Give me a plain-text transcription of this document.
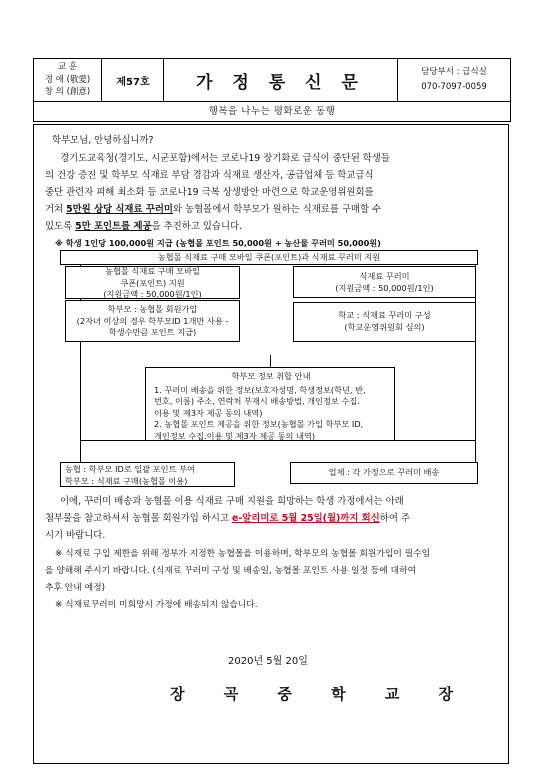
교 훈
경 애 (敬愛)
창 의 (創意)
제57호	가 정 통 신 문
담당부서 : 급식실
070-7097-0059
행복을 나누는 평화로운 동행
학부모님, 안녕하십니까?
경기도교육청(경기도, 시군포함)에서는 코로나19 장기화로 급식이 중단된 학생들
의 건강 증진 및 학부모 식재료 부담 경감과 식재료 생산자, 공급업체 등 학교급식
중단 관련자 피해 최소화 등 코로나19 극복 상생방안 마련으로 학교운영위원회를
거쳐 5만원 상당 식재료 꾸러미와 농협몰에서 학부모가 원하는 식재료를 구매할 수
있도록 5만 포인트를 제공을 추진하고 있습니다.
※ 학생 1인당 100,000원 지급 (농협몰 포인트 50,000원 + 농산물 꾸러미 50,000원)
농협몰 식재료 구매 모바일 쿠폰(포인트)과 식재료 꾸러미 지원
농협몰 식재료 구매 모바일
쿠폰(포인트) 지원
(지원금액 : 50,000원/1인)
학부모 : 농협몰 회원가입
(2자녀 이상의 경우 학부모ID 1개만 사용 -
학생수만큼 포인트 지급)
식재료 꾸러미
(지원금액 : 50,000원/1인)
학교 : 식재료 꾸러미 구성
(학교운영위원회 심의)
학부모 정보 취합 안내
1. 꾸러미 배송을 위한 정보(보호자성명, 학생정보(학년, 반,
번호, 이름) 주소, 연락처 부재시 배송방법, 개인정보 수집.
이용 및 제3자 제공 동의 내역)
2. 농협몰 포인트 제공을 위한 정보(농협몰 가입 학부모 ID,
개인정보 수집.이용 및 제3자 제공 동의 내역)
농협 : 학부모 ID로 일괄 포인트 부여
학부모 : 식재료 구매(농협몰 이용)
업체 : 각 가정으로 꾸러미 배송
이에, 꾸러미 배송과 농협몰 이용 식재료 구매 지원을 희망하는 학생 가정에서는 아래
첨부물을 참고하셔서 농협몰 회원가입 하시고 e-알리미로 5월 25일(월)까지 회신하여 주
시기 바랍니다.
※ 식재료 구입 제한을 위해 정부가 지정한 농협몰을 이용하며, 학부모의 농협몰 회원가입이 필수임
을 양해해 주시기 바랍니다. (식재료 꾸러미 구성 및 배송일, 농협몰 포인트 사용 일정 등에 대하여
추후 안내 예정)
※ 식재료꾸러미 미희망시 가정에 배송되지 않습니다.
2020년 5월 20일
장 곡 중 학 교 장
